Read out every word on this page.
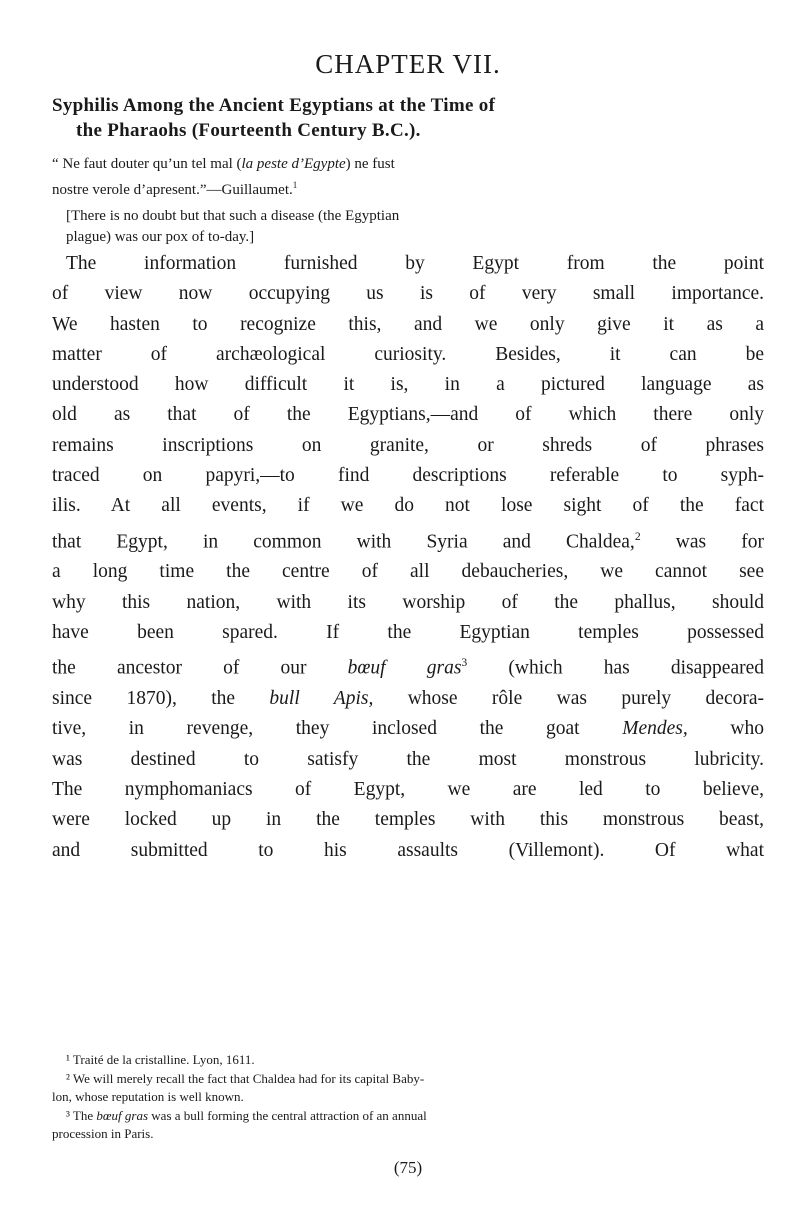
CHAPTER VII.
Syphilis Among the Ancient Egyptians at the Time of
the Pharaohs (Fourteenth Century B.C.).
“ Ne faut douter qu’un tel mal (la peste d’Egypte) ne fust
nostre verole d’apresent.”—Guillaumet.$^1$
[There is no doubt but that such a disease (the Egyptian
plague) was our pox of to-day.]
The information furnished by Egypt from the point
of view now occupying us is of very small importance.
We hasten to recognize this, and we only give it as a
matter of archæological curiosity. Besides, it can be
understood how difficult it is, in a pictured language as
old as that of the Egyptians,—and of which there only
remains inscriptions on granite, or shreds of phrases
traced on papyri,—to find descriptions referable to syph-
ilis. At all events, if we do not lose sight of the fact
that Egypt, in common with Syria and Chaldea,$^2$ was for
a long time the centre of all debaucheries, we cannot see
why this nation, with its worship of the phallus, should
have been spared. If the Egyptian temples possessed
the ancestor of our bœuf gras$^3$ (which has disappeared
since 1870), the bull Apis, whose rôle was purely decora-
tive, in revenge, they inclosed the goat Mendes, who
was destined to satisfy the most monstrous lubricity.
The nymphomaniacs of Egypt, we are led to believe,
were locked up in the temples with this monstrous beast,
and submitted to his assaults (Villemont). Of what
¹ Traité de la cristalline. Lyon, 1611.
² We will merely recall the fact that Chaldea had for its capital Baby-
lon, whose reputation is well known.
³ The bœuf gras was a bull forming the central attraction of an annual
procession in Paris.
(75)
